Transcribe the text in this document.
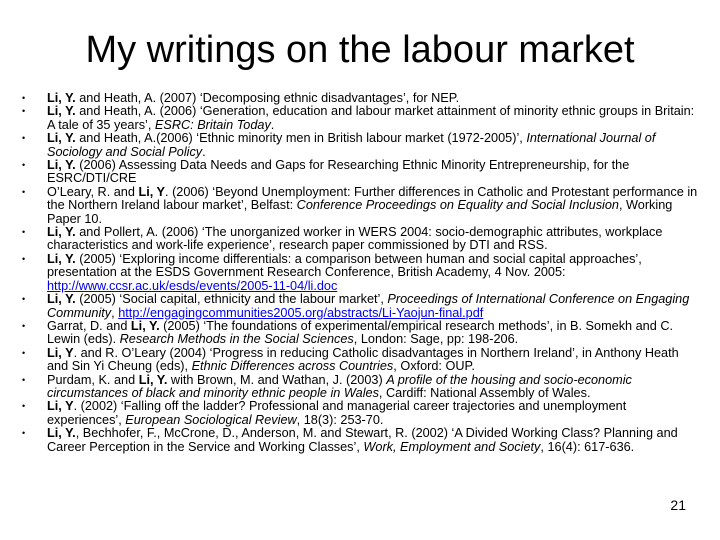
My writings on the labour market
• Li, Y. and Heath, A. (2007) ‘Decomposing ethnic disadvantages’, for NEP.
• Li, Y. and Heath, A. (2006) ‘Generation, education and labour market attainment of minority ethnic groups in Britain: A tale of 35 years’, ESRC: Britain Today.
• Li, Y. and Heath, A.(2006) ‘Ethnic minority men in British labour market (1972-2005)’, International Journal of Sociology and Social Policy.
• Li, Y. (2006) Assessing Data Needs and Gaps for Researching Ethnic Minority Entrepreneurship, for the ESRC/DTI/CRE
• O’Leary, R. and Li, Y. (2006) ‘Beyond Unemployment: Further differences in Catholic and Protestant performance in the Northern Ireland labour market’, Belfast: Conference Proceedings on Equality and Social Inclusion, Working Paper 10.
• Li, Y. and Pollert, A. (2006) ‘The unorganized worker in WERS 2004: socio-demographic attributes, workplace characteristics and work-life experience’, research paper commissioned by DTI and RSS.
• Li, Y. (2005) ‘Exploring income differentials: a comparison between human and social capital approaches’, presentation at the ESDS Government Research Conference, British Academy, 4 Nov. 2005: http://www.ccsr.ac.uk/esds/events/2005-11-04/li.doc
• Li, Y. (2005) ‘Social capital, ethnicity and the labour market’, Proceedings of International Conference on Engaging Community, http://engagingcommunities2005.org/abstracts/Li-Yaojun-final.pdf
• Garrat, D. and Li, Y. (2005) ‘The foundations of experimental/empirical research methods’, in B. Somekh and C. Lewin (eds). Research Methods in the Social Sciences, London: Sage, pp: 198-206.
• Li, Y. and R. O’Leary (2004) ‘Progress in reducing Catholic disadvantages in Northern Ireland’, in Anthony Heath and Sin Yi Cheung (eds), Ethnic Differences across Countries, Oxford: OUP.
• Purdam, K. and Li, Y. with Brown, M. and Wathan, J. (2003) A profile of the housing and socio-economic circumstances of black and minority ethnic people in Wales, Cardiff: National Assembly of Wales.
• Li, Y. (2002) ‘Falling off the ladder? Professional and managerial career trajectories and unemployment experiences’, European Sociological Review, 18(3): 253-70.
• Li, Y., Bechhofer, F., McCrone, D., Anderson, M. and Stewart, R. (2002) ‘A Divided Working Class? Planning and Career Perception in the Service and Working Classes’, Work, Employment and Society, 16(4): 617-636.
21
